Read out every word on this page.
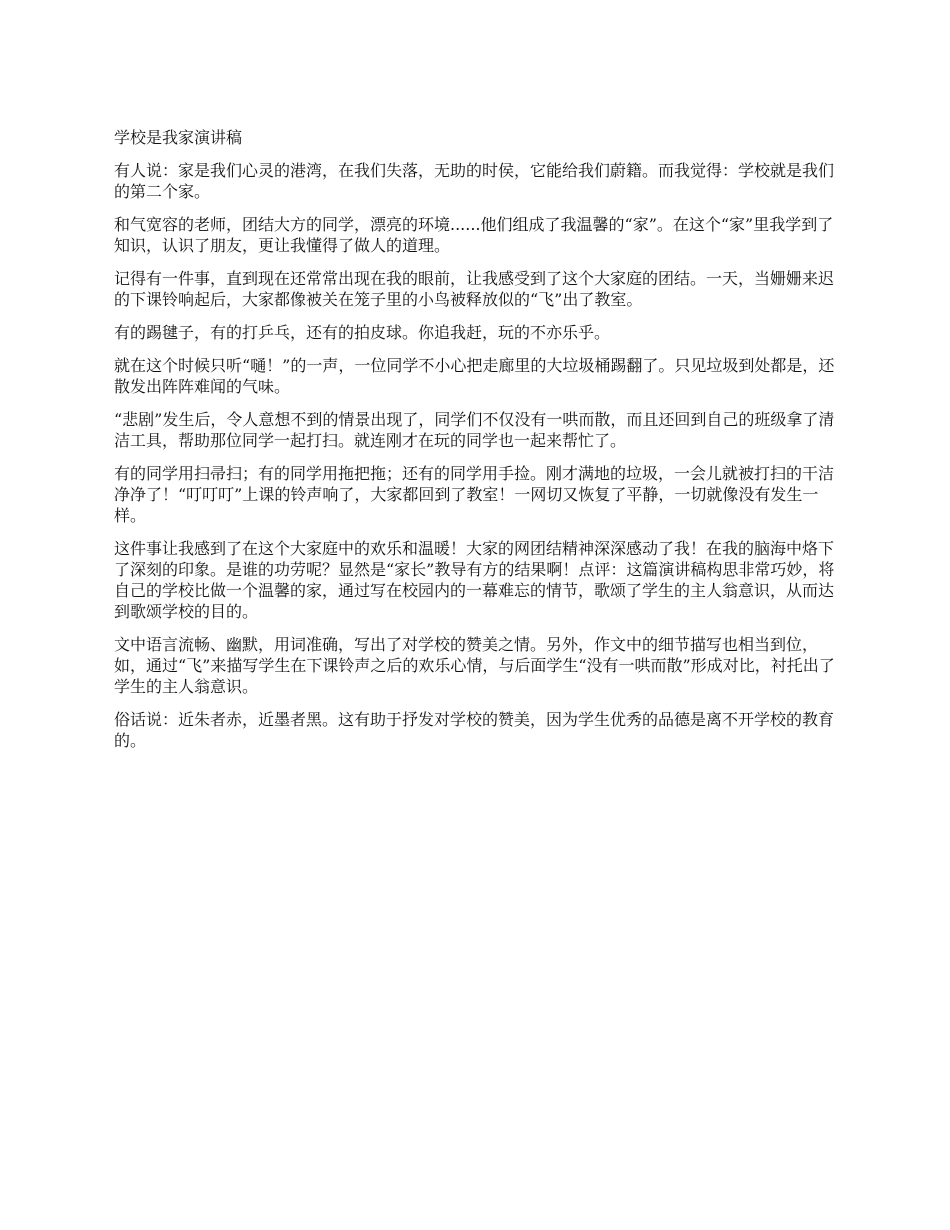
学校是我家演讲稿

有人说：家是我们心灵的港湾，在我们失落，无助的时侯，它能给我们蔚籍。而我觉得：学校就是我们的第二个家。

和气宽容的老师，团结大方的同学，漂亮的环境......他们组成了我温馨的“家”。在这个“家”里我学到了知识，认识了朋友，更让我懂得了做人的道理。

记得有一件事，直到现在还常常出现在我的眼前，让我感受到了这个大家庭的团结。一天，当姗姗来迟的下课铃响起后，大家都像被关在笼子里的小鸟被释放似的“飞”出了教室。

有的踢毽子，有的打乒乓，还有的拍皮球。你追我赶，玩的不亦乐乎。

就在这个时候只听“嗵！”的一声，一位同学不小心把走廊里的大垃圾桶踢翻了。只见垃圾到处都是，还散发出阵阵难闻的气味。

“悲剧”发生后，令人意想不到的情景出现了，同学们不仅没有一哄而散，而且还回到自己的班级拿了清洁工具，帮助那位同学一起打扫。就连刚才在玩的同学也一起来帮忙了。

有的同学用扫帚扫；有的同学用拖把拖；还有的同学用手捡。刚才满地的垃圾，一会儿就被打扫的干洁净净了！“叮叮叮”上课的铃声响了，大家都回到了教室！一网切又恢复了平静，一切就像没有发生一样。

这件事让我感到了在这个大家庭中的欢乐和温暖！大家的网团结精神深深感动了我！在我的脑海中烙下了深刻的印象。是谁的功劳呢？显然是“家长”教导有方的结果啊！点评：这篇演讲稿构思非常巧妙，将自己的学校比做一个温馨的家，通过写在校园内的一幕难忘的情节，歌颂了学生的主人翁意识，从而达到歌颂学校的目的。

文中语言流畅、幽默，用词准确，写出了对学校的赞美之情。另外，作文中的细节描写也相当到位，如，通过“飞”来描写学生在下课铃声之后的欢乐心情，与后面学生“没有一哄而散”形成对比，衬托出了学生的主人翁意识。

俗话说：近朱者赤，近墨者黑。这有助于抒发对学校的赞美，因为学生优秀的品德是离不开学校的教育的。
